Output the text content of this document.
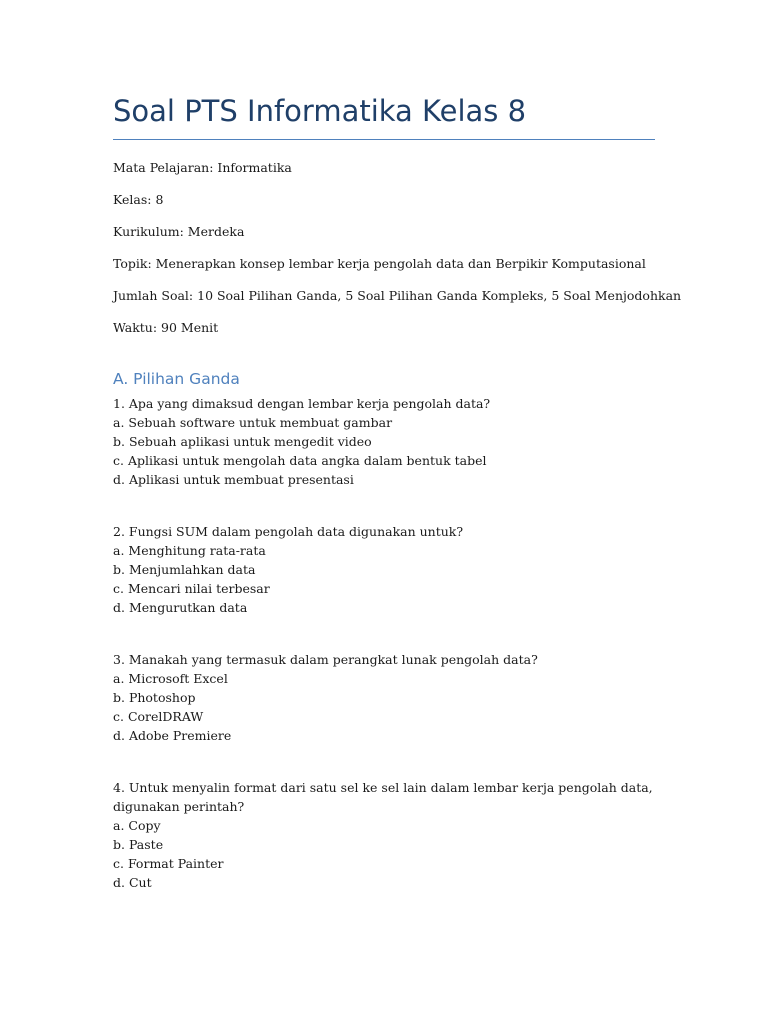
Soal PTS Informatika Kelas 8
Mata Pelajaran: Informatika
Kelas: 8
Kurikulum: Merdeka
Topik: Menerapkan konsep lembar kerja pengolah data dan Berpikir Komputasional
Jumlah Soal: 10 Soal Pilihan Ganda, 5 Soal Pilihan Ganda Kompleks, 5 Soal Menjodohkan
Waktu: 90 Menit
A. Pilihan Ganda
1. Apa yang dimaksud dengan lembar kerja pengolah data?
a. Sebuah software untuk membuat gambar
b. Sebuah aplikasi untuk mengedit video
c. Aplikasi untuk mengolah data angka dalam bentuk tabel
d. Aplikasi untuk membuat presentasi
2. Fungsi SUM dalam pengolah data digunakan untuk?
a. Menghitung rata-rata
b. Menjumlahkan data
c. Mencari nilai terbesar
d. Mengurutkan data
3. Manakah yang termasuk dalam perangkat lunak pengolah data?
a. Microsoft Excel
b. Photoshop
c. CorelDRAW
d. Adobe Premiere
4. Untuk menyalin format dari satu sel ke sel lain dalam lembar kerja pengolah data,
digunakan perintah?
a. Copy
b. Paste
c. Format Painter
d. Cut
